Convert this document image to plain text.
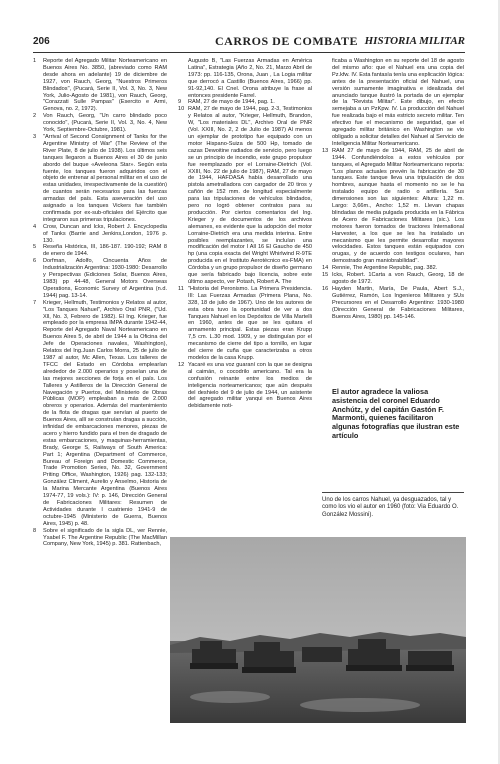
206	CARROS DE COMBATE HISTORIA MILITAR
1	Reporte del Agregado Militar Norteamericano en Buenos Aires No. 3850, (abreviado como RAM desde ahora en adelante) 19 de diciembre de 1927, von Rauch, Georg, "Nuestros Primeros Blindados", (Pucará, Serie II, Vol. 3, No. 3, New York, Julio-Agosto de 1981), von Rauch, Georg, "Corazzati Sulle Pampas" (Esercito e Armi, Genova, no. 2, 1972).
2	Von Rauch, Georg, "Un carro blindado poco conocido", (Pucará, Serie II, Vol. 3, No. 4, New York, Septiembre-Octubre, 1981).
3	"Arrival of Second Consignment of Tanks for the Argentine Ministry of War" (The Review of the River Plate, 8 de julio de 1938). Los últimos seis tanques llegaron a Buenos Aires el 30 de junio abordo del buque «Aveleona Star». Según esta fuente, los tanques fueron adquiridos con el objeto de entrenar al personal militar en el uso de estas unidades, irrespectivamente de la cuestión) de cuantos serán necesarios para las fuerzas armadas del país. Esta aseveración del uso asignado a los tanques Vickers fue también confirmada por ex-sub-oficiales del Ejército que integraron sus primeras tripulaciones.
4	Crow, Duncan and Icks, Robert J. Encyclopedia of Tanks (Barrie and Jenkins,London, 1976 p. 130.
5	Reseña Histórica, III, 186-187. 190-192; RAM 8 de enero de 1944.
6	Dorfman, Adolfo, Cincuenta Años de Industrialización Argentina: 1930-1980: Desarrollo y Perspectivas (Ediciones Solar, Buenos Aires, 1983) pp 44-48, General Motors Overseas Operations, Economic Survey of Argentina (n.d. 1944) pag. 13-14.
7	Krieger, Hellmuth, Testimonios y Relatos al autor, "Los Tanques Nahuel", Archivo Oral PNR, ("Ud. Xll, No. 3, Febrero de 1982). El Ing. Krieger, fue empleado por la empresa IMPA durante 1942-44, Reporte del Agregado Naval Norteamericano en Buenos Aires 5, de abril de 1944 a la Oficina del Jefe de Operaciones navales, Washington), Relatos del Ing.Juan Carlos Morra, 25 de julio de 1987 al autor, Mc Allen, Texas. Los talleres de TFCC del Estado en Córdoba emplearían alrededor de 2.000 operarios y poseían una de las mejores secciones de forja en el país. Los Talleres y Astilleros de la Dirección General de Navegación y Puertos, del Ministerio de Obras Públicas (MOP) empleaban a más de 2.000 obreros y operarios. Además del mantenimiento de la flota de dragas que servían al puerto de Buenos Aires, allí se construían dragas a succión, infinidad de embarcaciones menores, piezas de acero y hierro fundido para el tren de dragado de estas embarcaciones, y maquinas-herramientas, Brady, George S, Railways of South America: Part 1; Argentina (Department of Commerce, Bureau of Foreign and Domestic Commerce, Trade Promotion Series, No. 32, Government Priting Office, Washington, 1926) pag. 132-133; González Climent, Aurelio y Anselmo, Historia de la Marina Mercante Argentina (Buenos Aires 1974-77, 19 vols.): IV: p. 146, Dirección General de Fabricaciones Militares: Resumen de Actividades durante l cuatrienio 1941-9 de octubre-1945 (Ministerio de Guerra, Buenos Aires, 1945) p. 48.
8	Sobre el significado de la sigla DL, ver Rennie, Ysabel F. The Argentine Republic (The MacMillan Company, New York, 1945) p. 381. Rattenbach,
Augusto B, "Las Fuerzas Armadas en América Latina", Estrategia (Año 2, No. 21, Marzo Abril de 1973: pp. 116-135, Orona, Juan , La Logia militar que derrocó a Castillo (Buenos Aires, 1966) pp. 91-92,140. El Cnel. Orona atribuye la frase al entonces presidente Farrel.
9	RAM, 27 de mayo de 1944, pag. 1.
10 RAM, 27 de mayo de 1944, pag. 2-3, Testimonios y Relatos al autor, "Krieger, Hellmuth, Brandon, W, "Los materiales DL", Archivo Oral de PNR (Vol. XXIII, No. 2, 2 de Julio de 1987) Al menos un ejemplar de prototipo fue equipado con un motor Hispano-Suiza de 500 Hp, tomado de cazas Dewoitine radiados de servicio, pero luego se un principio de incendio, este grupo propulsor fue reemplazado por el Lorraine-Dietrich (Vol. XXIII, No. 22 de julio de 1987), RAM, 27 de mayo de 1944, HAFDASA había desarrollado una pistola ametralladora con cargador de 20 tiros y cañón de 152 mm. de longitud especialmente para las tripulaciones de vehículos blindados, pero no logró obtener contratos para su producción. Por ciertos comentarios del Ing. Krieger y de documentos de los archivos alemanes, es evidente que la adopción del motor Lorraine-Dietrich era una medida interina. Entre posibles reemplazantes, se incluían una modificación del motor I All 16 El Gaucho de 450 hp (una copia exacta del Wright Whirlwind R-9TE producida en el Instituto Aerotécnico es-FMA) en Córdoba y un grupo propulsor de diseño germano que sería fabricado bajo licencia, sobre este último aspecto, ver Potash, Robert A. The
11 "Historia del Peronismo. La Primera Presidencia. III: Las Fuerzas Armadas (Primera Plana, No. 328, 18 de julio de 1967). Uno de los autores de esta obra tuvo la oportunidad de ver a dos Tanques Nahuel en los Depósitos de Villa Martelli en 1960, antes de que se les quitara el armamento principal. Estas piezas eran Krupp 7,5 cm. L.30 mod. 1909, y se distinguían por el mecanismo de cierre del tipo a tornillo, en lugar del cierre de cuña que caracterizaba a otros modelos de la casa Krupp.
12 Yacaré es una voz guaraní con la que se designa al caimán, o cocodrilo americano. Tal era la confusión reinante entre los medios de inteligencia norteamericanos; que aún después del deshielo del 9 de julio de 1944, un asistente del agregado militar yanqui en Buenos Aires debidamente noti-
ficaba a Washington en su reporte del 18 de agosto del mismo año: que el Nahuel era una copia del Pz.kfw. IV. Esta fantasía tenía una explicación lógica: antes de la presentación oficial del Nahuel, una versión sumamente imaginativa e idealizada del anunciado tanque ilustró la portada de un ejemplar de la "Revista Militar". Este dibujo, en efecto semejaba a un PzKpw. IV. La producción del Nahuel fue realizada bajo el más estricto secreto militar. Ten efectivo fue el mecanismo de seguridad, que el agregado militar británico en Washington se vio obligado a solicitar detalles del Nahuel al Servicio de Inteligencia Militar Norteamericano.
13 RAM 27 de mayo de 1944, RAM, 25 de abril de 1944. Confundiéndolos a estos vehículos por tanques, el Agregado Militar Norteamericano reporta: "Los planos actuales prevén la fabricación de 30 tanques. Este tanque lleva una tripulación de dos hombres, aunque hasta el momento no se le ha instalado equipo de radio o artillería. Sus dimensiones son las siguientes: Altura: 1,22 m. Largo: 3,66m., Ancho: 1,52 m. Llevan chapas blindadas de media pulgada producida en la Fábrica de Acero de Fabricaciones Militares (sic.). Los motores fueron tomados de tractores International Harvester, a los que se les ha instalado un mecanismo que les permite desarrollar mayores velocidades. Estos tanques están equipados con orugas, y de acuerdo con testigos oculares, han demostrado gran maniobrabilidad".
14 Rennie, The Argentine Republic, pag. 382.
15 Icks, Robert. 1Carta a von Rauch, Georg, 18 de agosto de 1972.
16 Hayden Martin, María, De Paula, Abert S.J., Gutiérrez, Ramón, Los Ingenieros Militares y SUs Precursores en el Desarrollo Argentino: 1930-1980 (Dirección General de Fabricaciones Militares, Buenos Aires, 1980) pp. 145-146.
El autor agradece la valiosa asistencia del coronel Eduardo Anchútz, y del capitán Gastón F. Marmonti, quienes facilitaron algunas fotografías que ilustran este artículo
Uno de los carros Nahuel, ya desguazados, tal y como los vio el autor en 1960 (foto: Via Eduardo O. González Mossini).
